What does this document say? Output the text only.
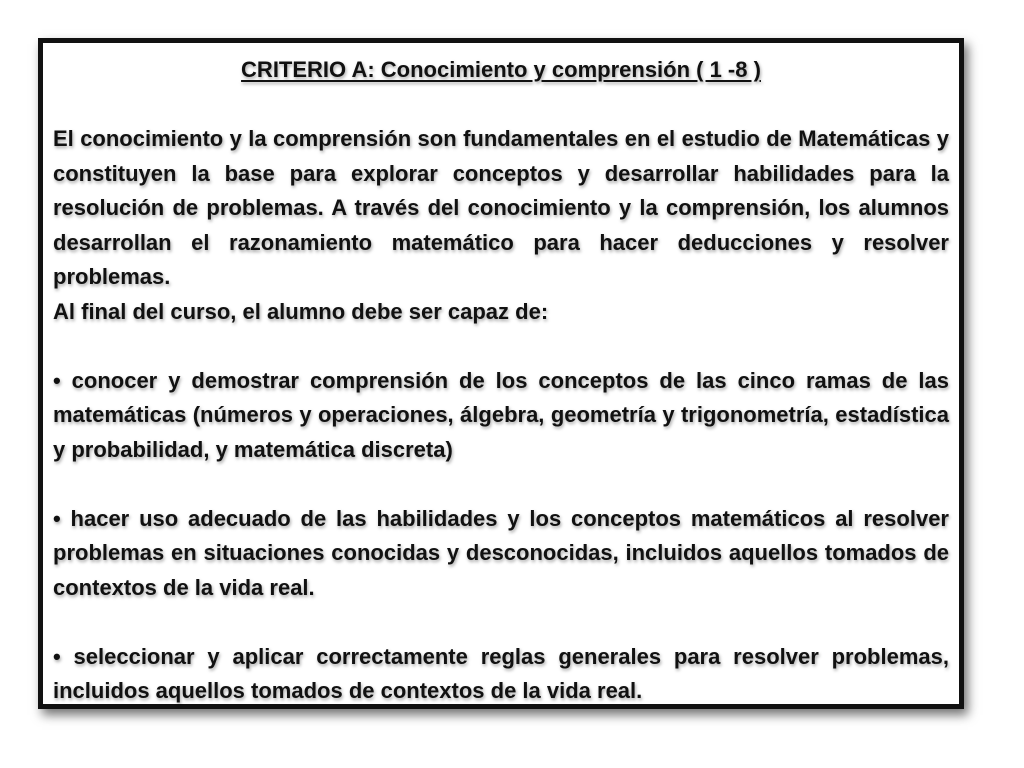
CRITERIO A: Conocimiento y comprensión ( 1 -8 )

El conocimiento y la comprensión son fundamentales en el estudio de Matemáticas y constituyen la base para explorar conceptos y desarrollar habilidades para la resolución de problemas. A través del conocimiento y la comprensión, los alumnos desarrollan el razonamiento matemático para hacer deducciones y resolver problemas.

Al final del curso, el alumno debe ser capaz de:

• conocer y demostrar comprensión de los conceptos de las cinco ramas de las matemáticas (números y operaciones, álgebra, geometría y trigonometría, estadística y probabilidad, y matemática discreta)

• hacer uso adecuado de las habilidades y los conceptos matemáticos al resolver problemas en situaciones conocidas y desconocidas, incluidos aquellos tomados de contextos de la vida real.

• seleccionar y aplicar correctamente reglas generales para resolver problemas, incluidos aquellos tomados de contextos de la vida real.
